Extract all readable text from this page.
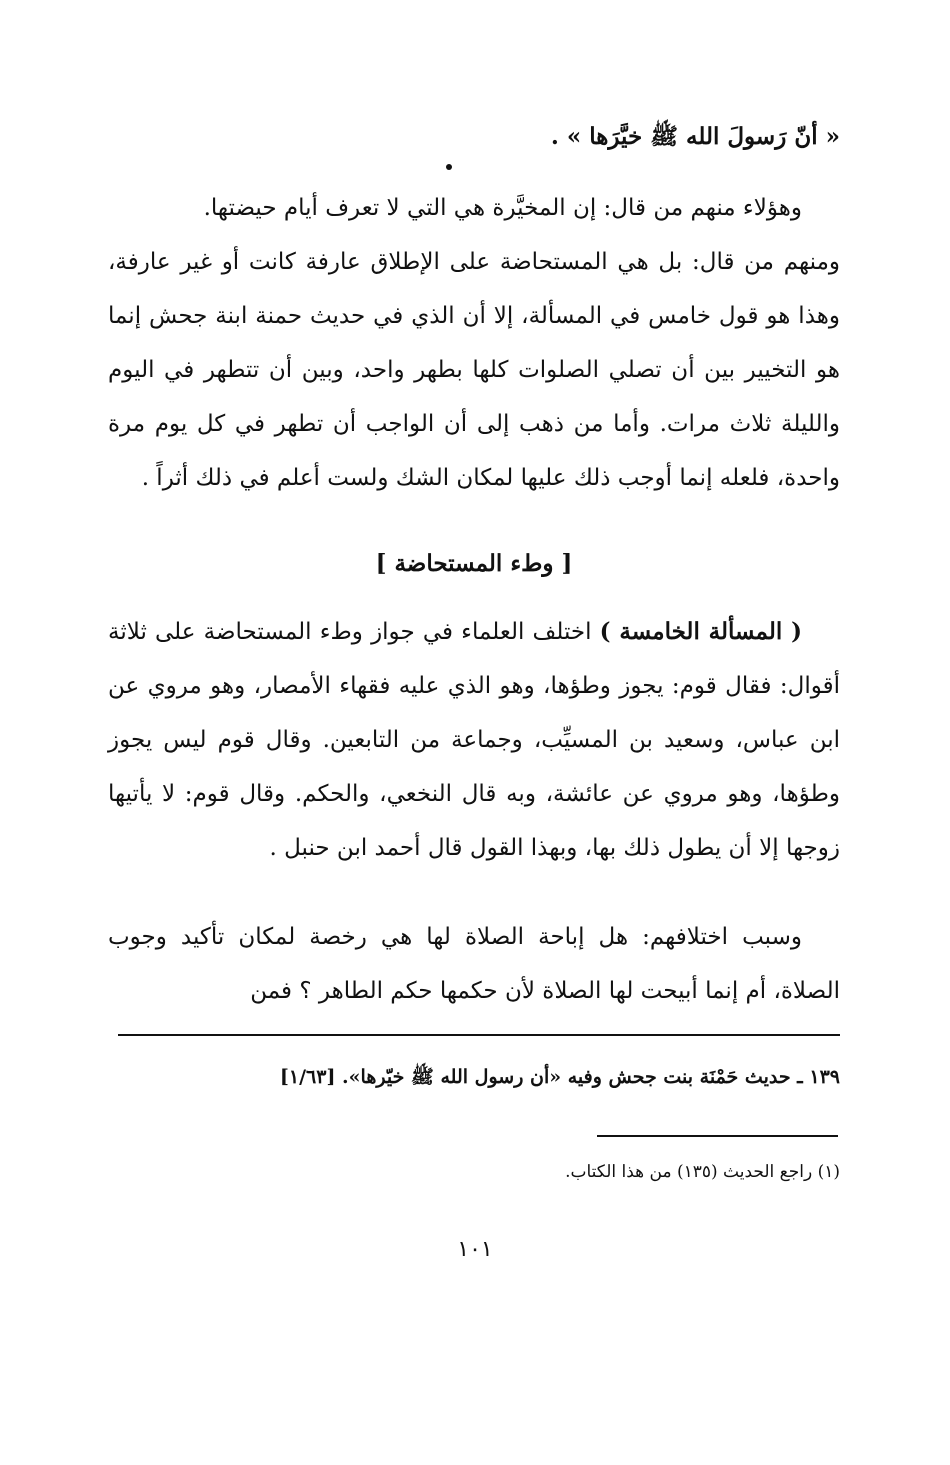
« أنّ رَسولَ الله ﷺ خيَّرَها » .

وهؤلاء منهم من قال: إن المخيَّرة هي التي لا تعرف أيام حيضتها.

ومنهم من قال: بل هي المستحاضة على الإطلاق عارفة كانت أو غير عارفة، وهذا هو قول خامس في المسألة، إلا أن الذي في حديث حمنة ابنة جحش إنما هو التخيير بين أن تصلي الصلوات كلها بطهر واحد، وبين أن تتطهر في اليوم والليلة ثلاث مرات. وأما من ذهب إلى أن الواجب أن تطهر في كل يوم مرة واحدة، فلعله إنما أوجب ذلك عليها لمكان الشك ولست أعلم في ذلك أثراً .

[ وطء المستحاضة ]

( المسألة الخامسة ) اختلف العلماء في جواز وطء المستحاضة على ثلاثة أقوال: فقال قوم: يجوز وطؤها، وهو الذي عليه فقهاء الأمصار، وهو مروي عن ابن عباس، وسعيد بن المسيِّب، وجماعة من التابعين. وقال قوم ليس يجوز وطؤها، وهو مروي عن عائشة، وبه قال النخعي، والحكم. وقال قوم: لا يأتيها زوجها إلا أن يطول ذلك بها، وبهذا القول قال أحمد ابن حنبل .

وسبب اختلافهم: هل إباحة الصلاة لها هي رخصة لمكان تأكيد وجوب الصلاة، أم إنما أبيحت لها الصلاة لأن حكمها حكم الطاهر ؟ فمن

١٣٩ ـ حديث حَمْنَة بنت جحش وفيه «أن رسول الله ﷺ خيّرها». [١/٦٣]
(١) راجع الحديث (١٣٥) من هذا الكتاب.
١٠١
